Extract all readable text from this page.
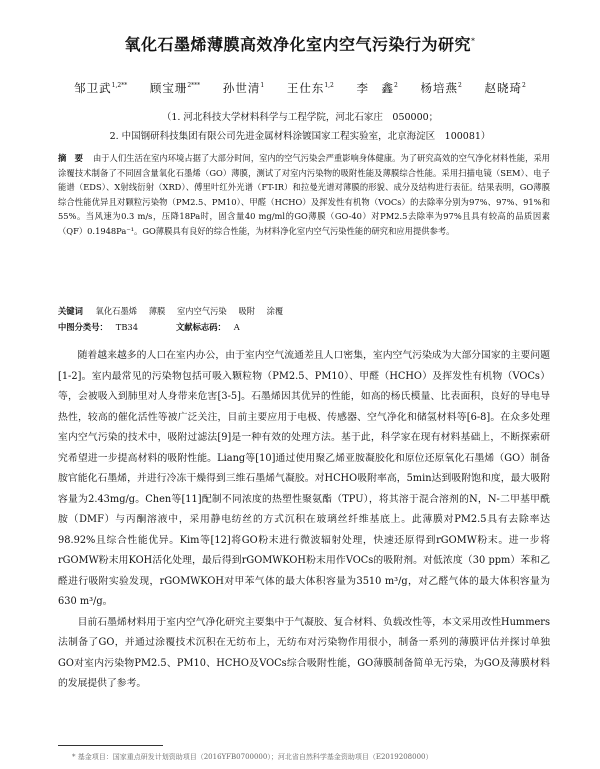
氧化石墨烯薄膜高效净化室内空气污染行为研究*
邹卫武$^{1,2**}$ 顾宝珊$^{2***}$ 孙世清$^1$ 王仕东$^{1,2}$ 李　鑫$^2$ 杨培燕$^2$ 赵晓琦$^2$
（1. 河北科技大学材料科学与工程学院，河北石家庄　050000；
2. 中国钢研科技集团有限公司先进金属材料涂镀国家工程实验室，北京海淀区　100081）
摘　要 由于人们生活在室内环境占据了大部分时间，室内的空气污染会严重影响身体健康。为了研究高效的空气净化材料性能，采用涂覆技术制备了不同固含量氧化石墨烯（GO）薄膜，测试了对室内污染物的吸附性能及薄膜综合性能。采用扫描电镜（SEM）、电子能谱（EDS）、X射线衍射（XRD）、傅里叶红外光谱（FT-IR）和拉曼光谱对薄膜的形貌、成分及结构进行表征。结果表明，GO薄膜综合性能优异且对颗粒污染物（PM2.5、PM10）、甲醛（HCHO）及挥发性有机物（VOCs）的去除率分别为97%、97%、91%和55%。当风速为0.3 m/s，压降18Pa时，固含量40 mg/ml的GO薄膜（GO-40）对PM2.5去除率为97%且具有较高的品质因素（QF）0.1948Pa⁻¹。GO薄膜具有良好的综合性能，为材料净化室内空气污染性能的研究和应用提供参考。
关键词 氧化石墨烯 薄膜 室内空气污染 吸附 涂覆
中图分类号： TB34	文献标志码： A

随着越来越多的人口在室内办公，由于室内空气流通差且人口密集，室内空气污染成为大部分国家的主要问题[1-2]。室内最常见的污染物包括可吸入颗粒物（PM2.5、PM10）、甲醛（HCHO）及挥发性有机物（VOCs）等，会被吸入到肺里对人身带来危害[3-5]。石墨烯因其优异的性能，如高的杨氏模量、比表面积，良好的导电导热性，较高的催化活性等被广泛关注，目前主要应用于电极、传感器、空气净化和储氢材料等[6-8]。在众多处理室内空气污染的技术中，吸附过滤法[9]是一种有效的处理方法。基于此，科学家在现有材料基础上，不断探索研究希望进一步提高材料的吸附性能。Liang等[10]通过使用聚乙烯亚胺凝胶化和原位还原氧化石墨烯（GO）制备胺官能化石墨烯，并进行冷冻干燥得到三维石墨烯气凝胶。对HCHO吸附率高，5min达到吸附饱和度，最大吸附容量为2.43mg/g。Chen等[11]配制不同浓度的热塑性聚氨酯（TPU），将其溶于混合溶剂的N，N-二甲基甲酰胺（DMF）与丙酮溶液中，采用静电纺丝的方式沉积在玻璃丝纤维基底上。此薄膜对PM2.5具有去除率达98.92%且综合性能优异。Kim等[12]将GO粉末进行微波辐射处理，快速还原得到rGOMW粉末。进一步将rGOMW粉末用KOH活化处理，最后得到rGOMWKOH粉末用作VOCs的吸附剂。对低浓度（30 ppm）苯和乙醛进行吸附实验发现，rGOMWKOH对甲苯气体的最大体积容量为3510 m³/g，对乙醛气体的最大体积容量为630 m³/g。

目前石墨烯材料用于室内空气净化研究主要集中于气凝胶、复合材料、负载改性等，本文采用改性Hummers法制备了GO，并通过涂覆技术沉积在无纺布上，无纺布对污染物作用很小，制备一系列的薄膜评估并探讨单独GO对室内污染物PM2.5、PM10、HCHO及VOCs综合吸附性能，GO薄膜制备简单无污染，为GO及薄膜材料的发展提供了参考。

* 基金项目：国家重点研发计划资助项目（2016YFB0700000）；河北省自然科学基金资助项目（E2019208000）
